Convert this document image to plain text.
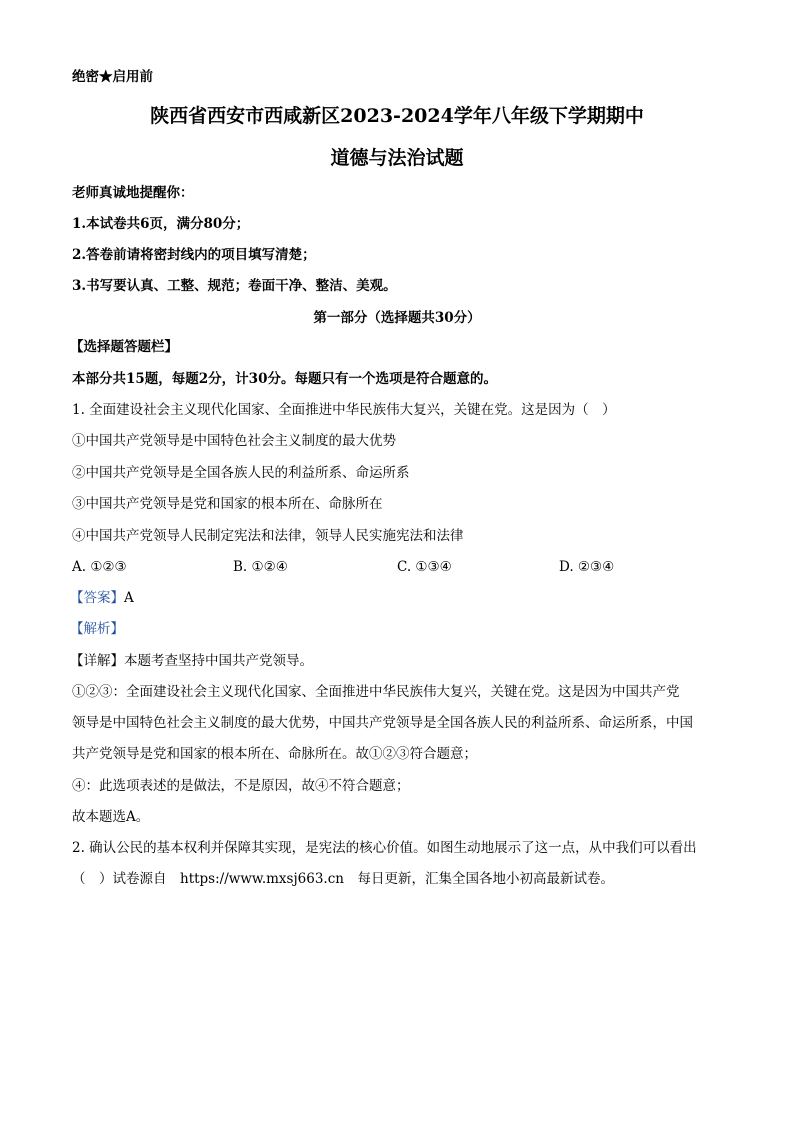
绝密★启用前
陕西省西安市西咸新区2023-2024学年八年级下学期期中
道德与法治试题
老师真诚地提醒你：
1.本试卷共6页，满分80分；
2.答卷前请将密封线内的项目填写清楚；
3.书写要认真、工整、规范；卷面干净、整洁、美观。
第一部分（选择题共30分）
【选择题答题栏】
本部分共15题，每题2分，计30分。每题只有一个选项是符合题意的。
1. 全面建设社会主义现代化国家、全面推进中华民族伟大复兴，关键在党。这是因为（　）
①中国共产党领导是中国特色社会主义制度的最大优势
②中国共产党领导是全国各族人民的利益所系、命运所系
③中国共产党领导是党和国家的根本所在、命脉所在
④中国共产党领导人民制定宪法和法律，领导人民实施宪法和法律
A. ①②③	B. ①②④	C. ①③④	D. ②③④
【答案】A
【解析】
【详解】本题考查坚持中国共产党领导。
①②③：全面建设社会主义现代化国家、全面推进中华民族伟大复兴，关键在党。这是因为中国共产党
领导是中国特色社会主义制度的最大优势，中国共产党领导是全国各族人民的利益所系、命运所系，中国
共产党领导是党和国家的根本所在、命脉所在。故①②③符合题意；
④：此选项表述的是做法，不是原因，故④不符合题意；
故本题选A。
2. 确认公民的基本权利并保障其实现，是宪法的核心价值。如图生动地展示了这一点，从中我们可以看出
（　）试卷源自　https://www.mxsj663.cn　每日更新，汇集全国各地小初高最新试卷。
